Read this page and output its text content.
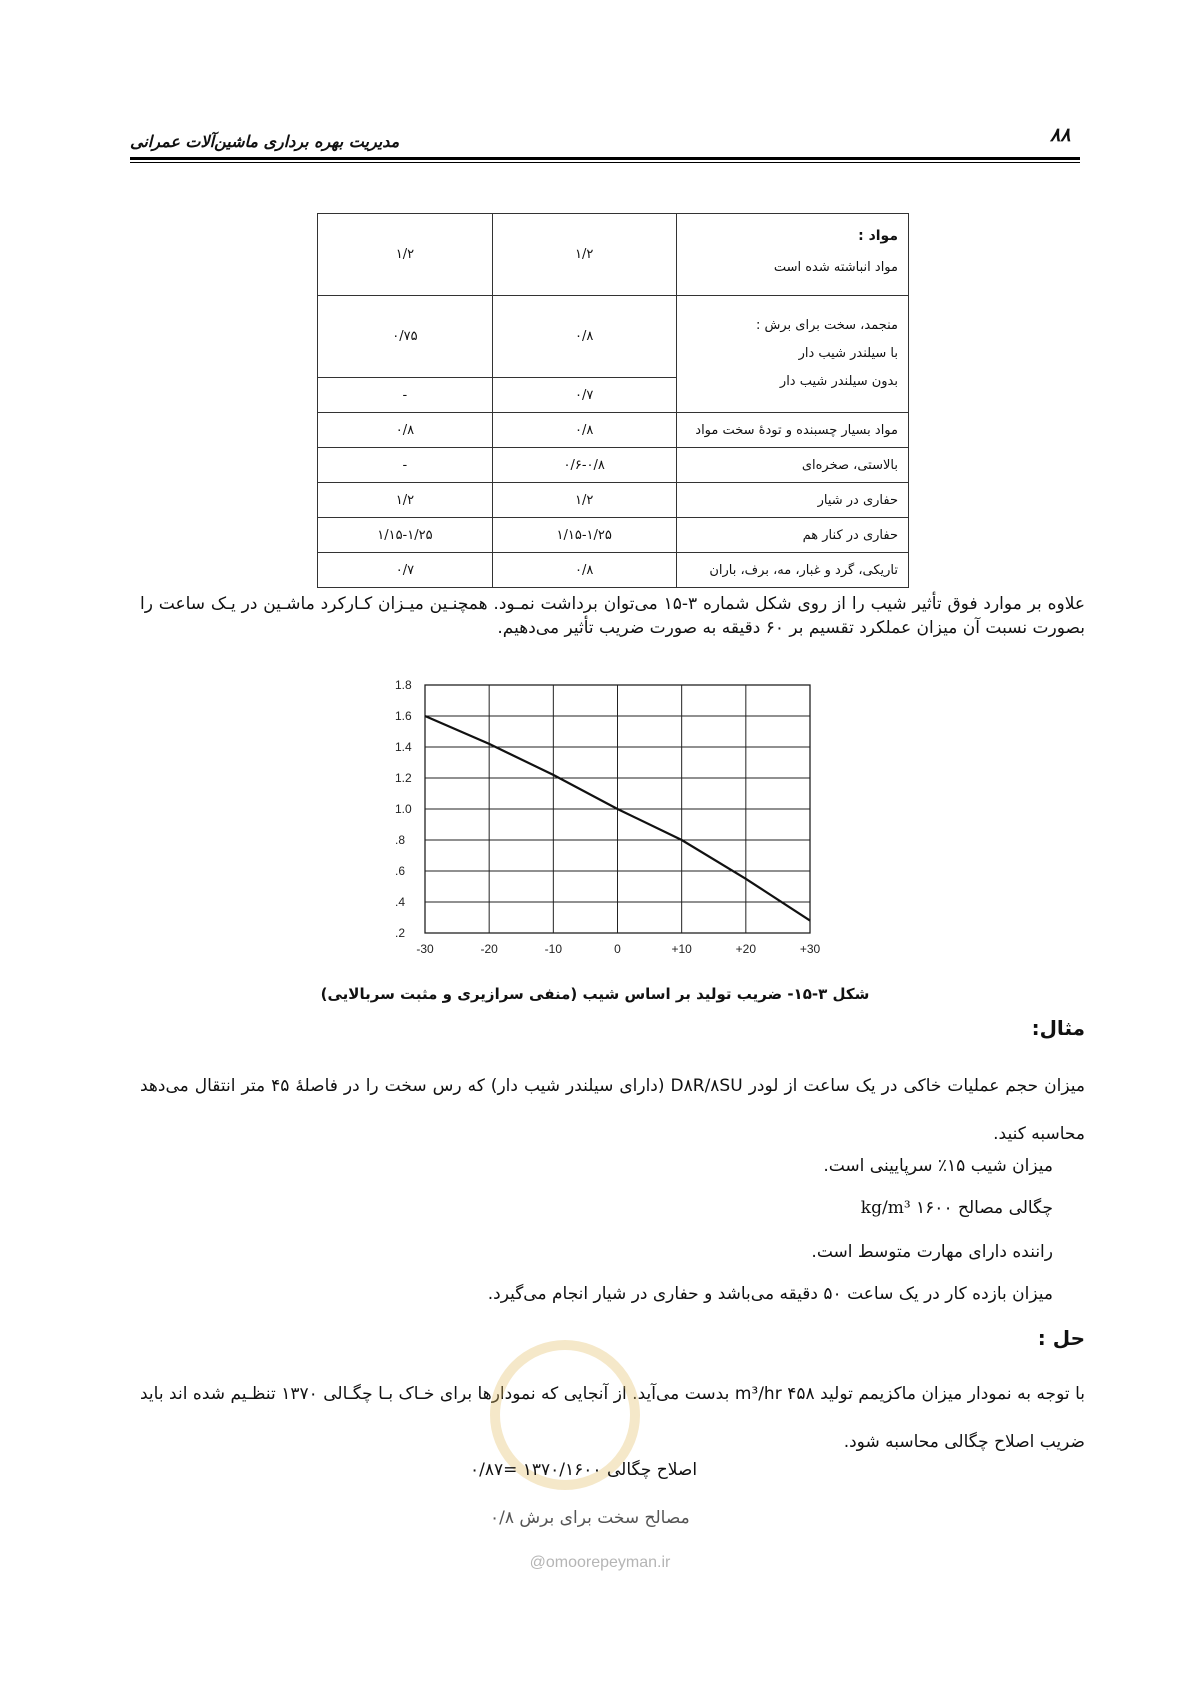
۸۸
مدیریت بهره برداری ماشین‌آلات عمرانی
۱/۲	۱/۲	مواد :
مواد انباشته شده است

۰/۷۵	۰/۸	منجمد، سخت برای برش :
با سیلندر شیب دار
بدون سیلندر شیب دار

-	۰/۷	
۰/۸	۰/۸	مواد بسیار چسبنده و تودهٔ سخت مواد
-	۰/۶-۰/۸	بالاستی، صخره‌ای
۱/۲	۱/۲	حفاری در شیار
۱/۱۵-۱/۲۵	۱/۱۵-۱/۲۵	حفاری در کنار هم
۰/۷	۰/۸	تاریکی، گرد و غبار، مه، برف، باران
علاوه بر موارد فوق تأثیر شیب را از روی شکل شماره ۳-۱۵ می‌توان برداشت نمـود. همچنـین میـزان کـارکرد ماشـین در یـک ساعت را بصورت نسبت آن میزان عملکرد تقسیم بر ۶۰ دقیقه به صورت ضریب تأثیر می‌دهیم.
1.8
1.6
1.4
1.2
1.0
.8
.6
.4
.2
-30	-20	-10	0	+10	+20	+30
شکل ۳-۱۵- ضریب تولید بر اساس شیب (منفی سرازیری و مثبت سربالایی)
مثال:
میزان حجم عملیات خاکی در یک ساعت از لودر D۸R/۸SU (دارای سیلندر شیب دار) که رس سخت را در فاصلهٔ ۴۵ متر انتقال می‌دهد محاسبه کنید.
میزان شیب ۱۵٪ سرپایینی است.
چگالی مصالح kg/m³ ۱۶۰۰
راننده دارای مهارت متوسط است.
میزان بازده کار در یک ساعت ۵۰ دقیقه می‌باشد و حفاری در شیار انجام می‌گیرد.
حل :
با توجه به نمودار میزان ماکزیمم تولید ۴۵۸ m³/hr بدست می‌آید. از آنجایی که نمودارها برای خـاک بـا چگـالی ۱۳۷۰ تنظـیم شده اند باید ضریب اصلاح چگالی محاسبه شود.
اصلاح چگالی ۱۳۷۰/۱۶۰۰ =۰/۸۷
مصالح سخت برای برش ۰/۸
@omoorepeyman.ir
